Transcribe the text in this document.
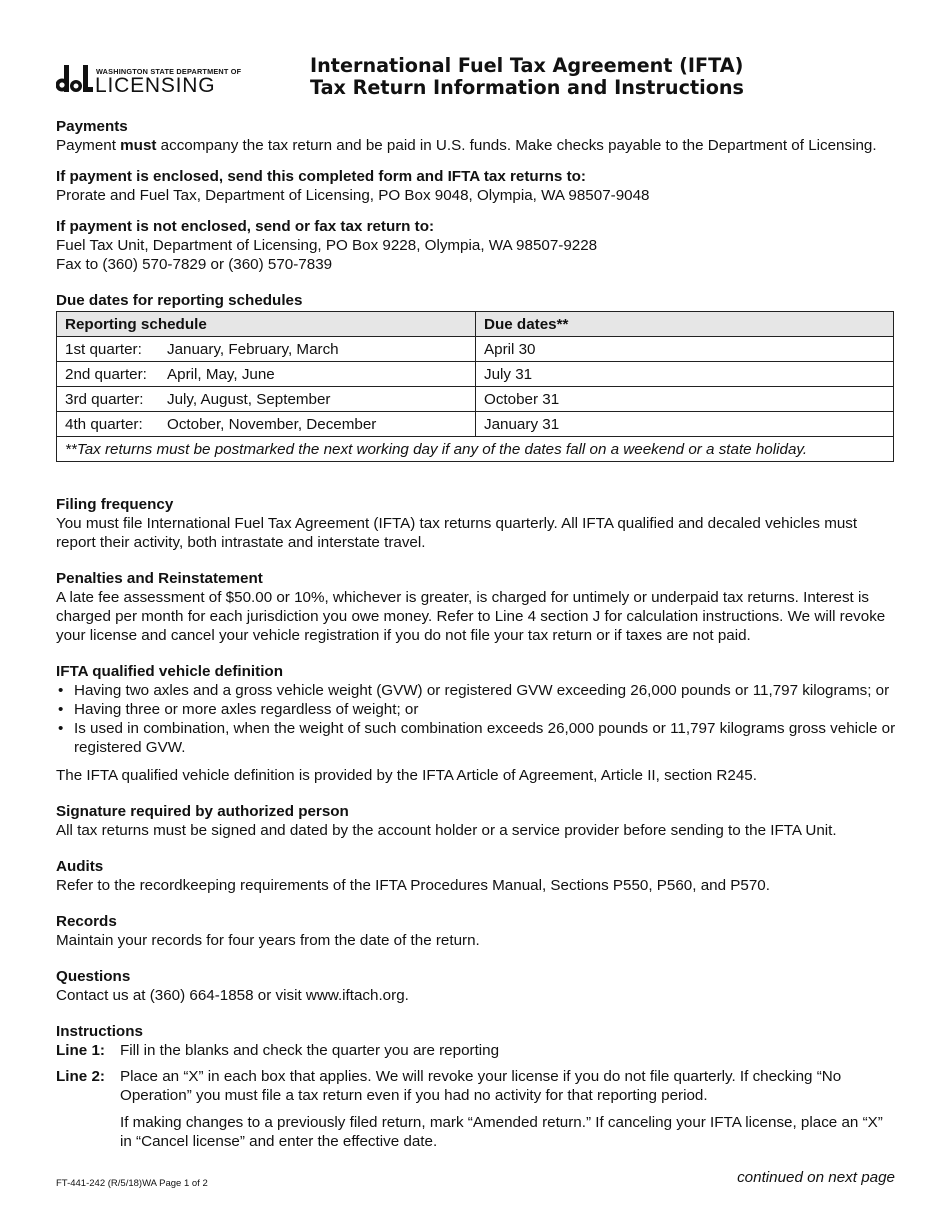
WASHINGTON STATE DEPARTMENT OF
LICENSING
International Fuel Tax Agreement (IFTA)
Tax Return Information and Instructions
Payments

Payment must accompany the tax return and be paid in U.S. funds. Make checks payable to the Department of Licensing.

If payment is enclosed, send this completed form and IFTA tax returns to:

Prorate and Fuel Tax, Department of Licensing, PO Box 9048, Olympia, WA 98507-9048

If payment is not enclosed, send or fax tax return to:

Fuel Tax Unit, Department of Licensing, PO Box 9228, Olympia, WA 98507-9228

Fax to (360) 570-7829 or (360) 570-7839

Due dates for reporting schedules
Reporting schedule	Due dates**
1st quarter: January, February, March	April 30
2nd quarter: April, May, June	July 31
3rd quarter: July, August, September	October 31
4th quarter: October, November, December	January 31
**Tax returns must be postmarked the next working day if any of the dates fall on a weekend or a state holiday.	
Filing frequency

You must file International Fuel Tax Agreement (IFTA) tax returns quarterly. All IFTA qualified and decaled vehicles must report their activity, both intrastate and interstate travel.

Penalties and Reinstatement

A late fee assessment of $50.00 or 10%, whichever is greater, is charged for untimely or underpaid tax returns. Interest is charged per month for each jurisdiction you owe money. Refer to Line 4 section J for calculation instructions. We will revoke your license and cancel your vehicle registration if you do not file your tax return or if taxes are not paid.

IFTA qualified vehicle definition
• Having two axles and a gross vehicle weight (GVW) or registered GVW exceeding 26,000 pounds or 11,797 kilograms; or
• Having three or more axles regardless of weight; or
• Is used in combination, when the weight of such combination exceeds 26,000 pounds or 11,797 kilograms gross vehicle or registered GVW.

The IFTA qualified vehicle definition is provided by the IFTA Article of Agreement, Article II, section R245.

Signature required by authorized person

All tax returns must be signed and dated by the account holder or a service provider before sending to the IFTA Unit.

Audits

Refer to the recordkeeping requirements of the IFTA Procedures Manual, Sections P550, P560, and P570.

Records

Maintain your records for four years from the date of the return.

Questions

Contact us at (360) 664-1858 or visit www.iftach.org.

Instructions
Line 1: Fill in the blanks and check the quarter you are reporting
Line 2: Place an “X” in each box that applies. We will revoke your license if you do not file quarterly. If checking “No Operation” you must file a tax return even if you had no activity for that reporting period.

If making changes to a previously filed return, mark “Amended return.” If canceling your IFTA license, place an “X” in “Cancel license” and enter the effective date.

FT-441-242 (R/5/18)WA Page 1 of 2	continued on next page
